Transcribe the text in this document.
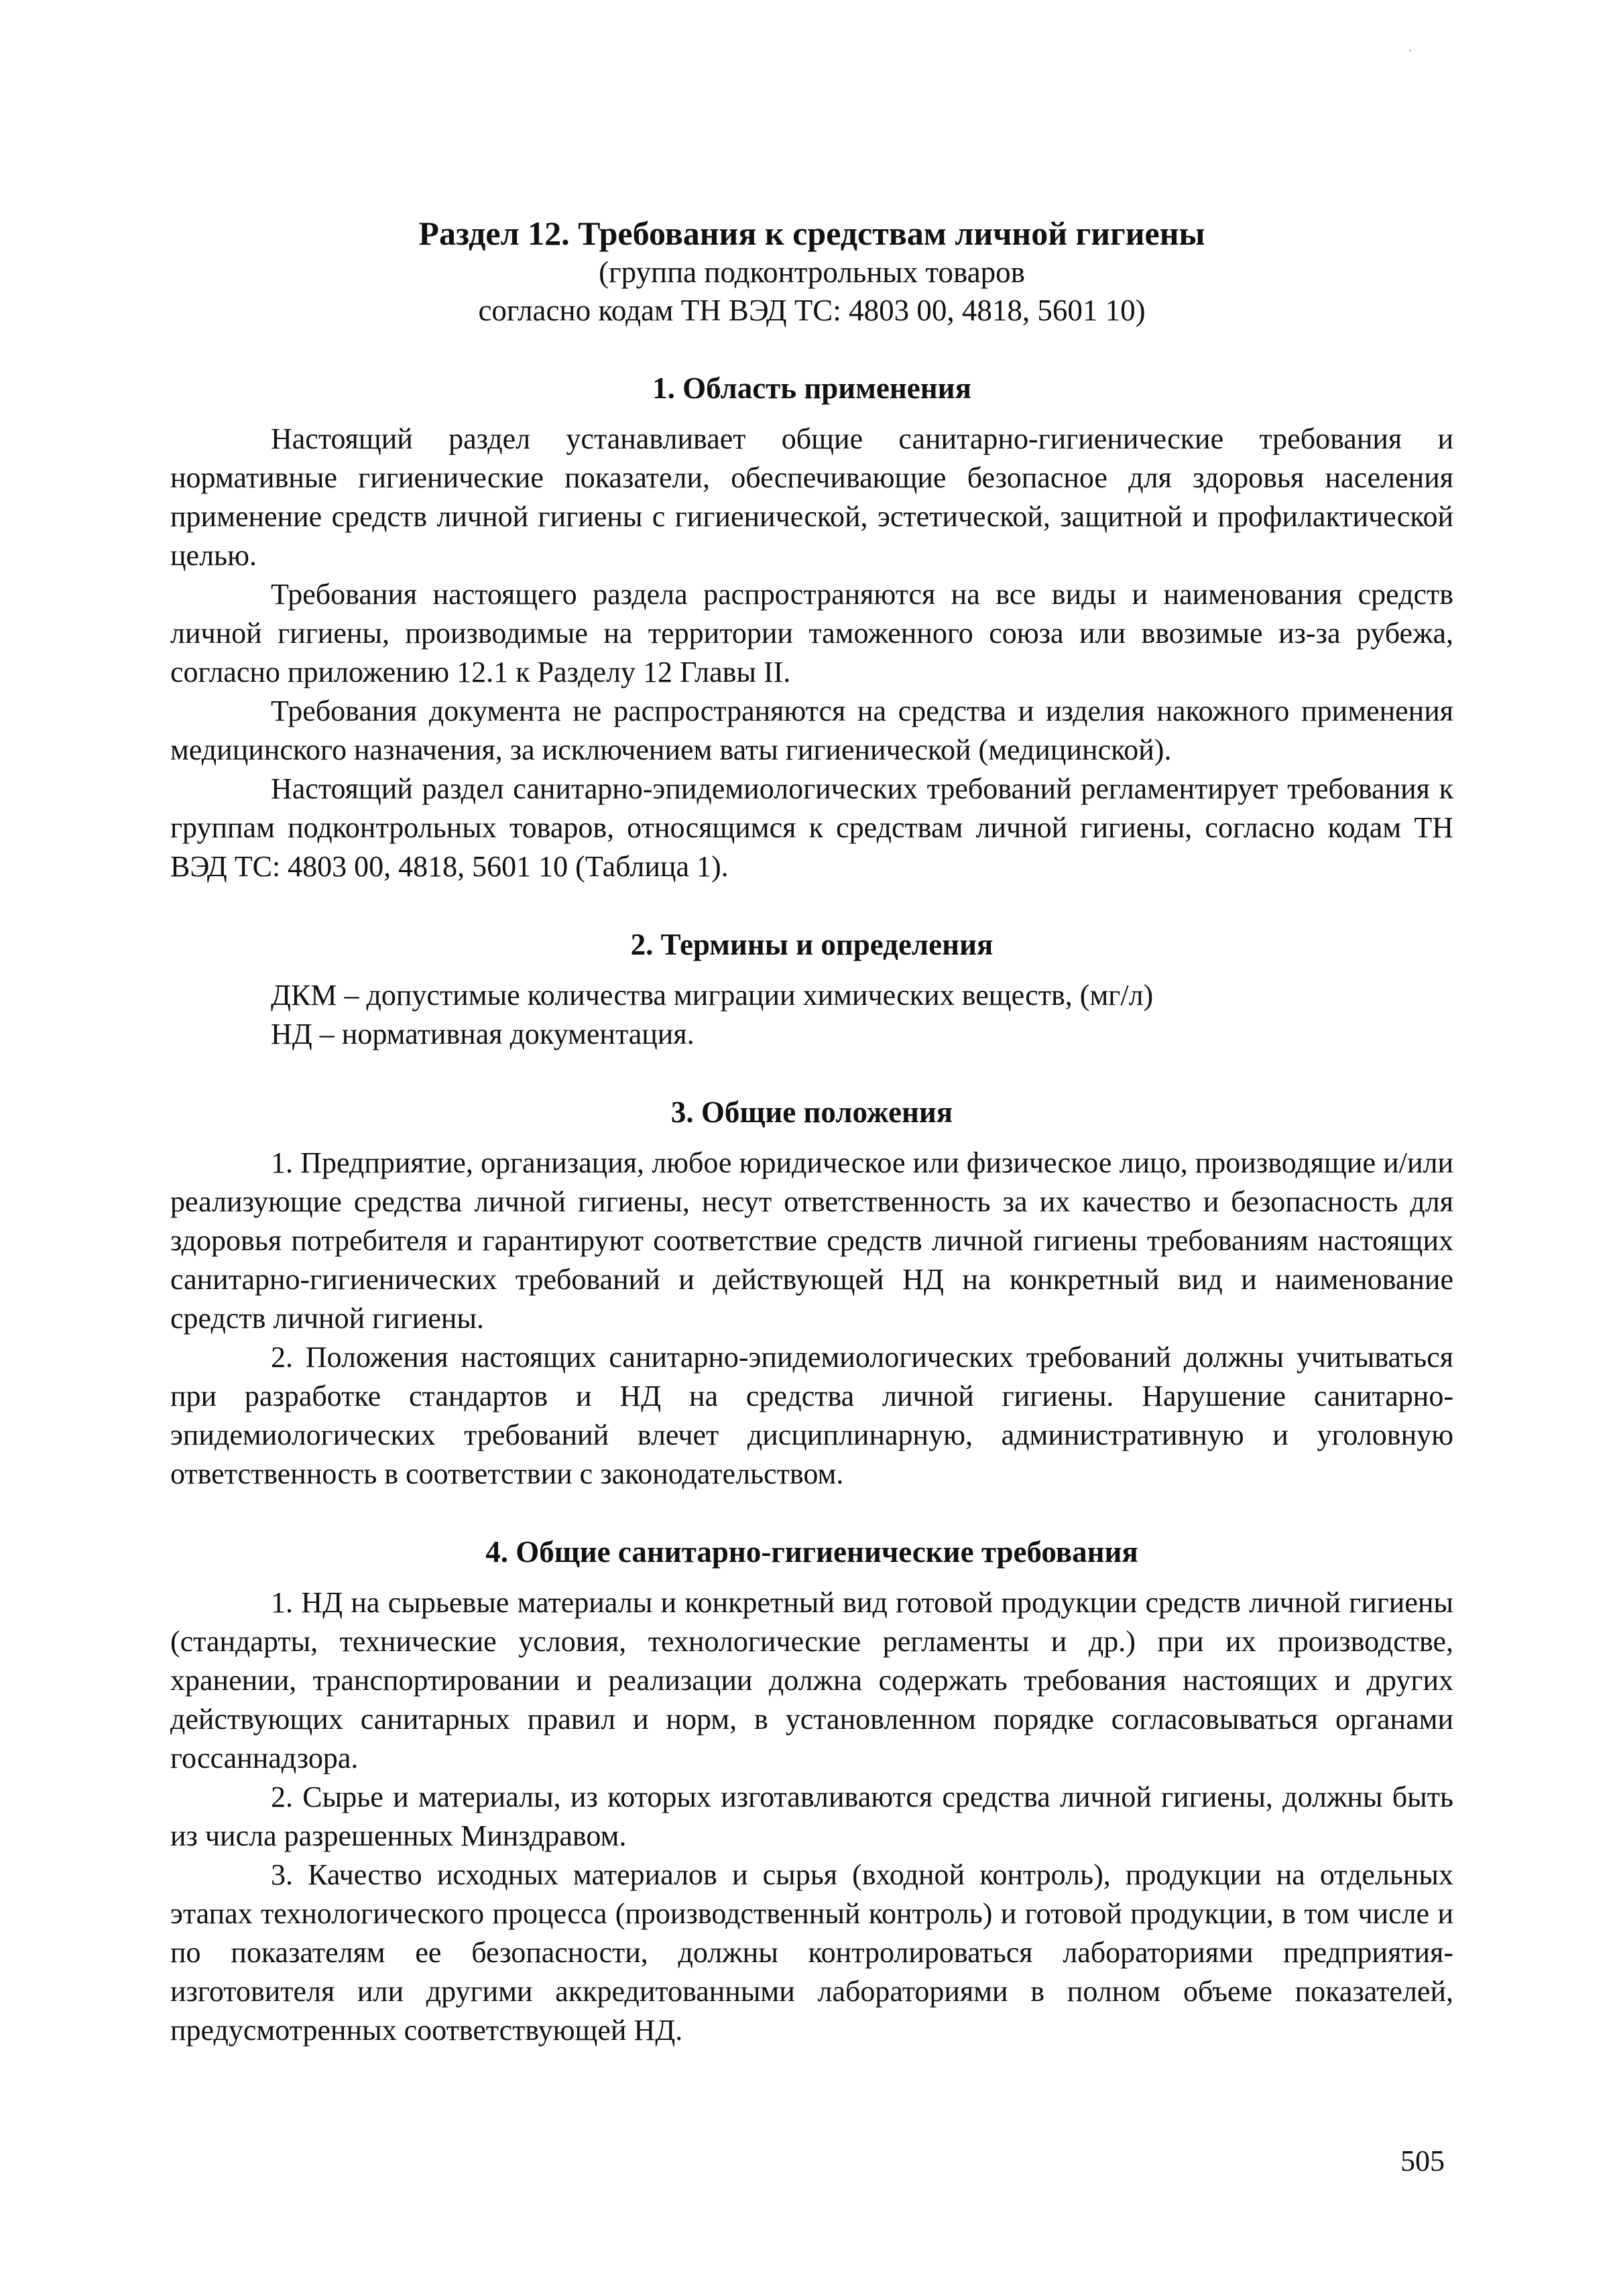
Раздел 12. Требования к средствам личной гигиены

(группа подконтрольных товаров

согласно кодам ТН ВЭД ТС: 4803 00, 4818, 5601 10)

1. Область применения

Настоящий раздел устанавливает общие санитарно-гигиенические требования и нормативные гигиенические показатели, обеспечивающие безопасное для здоровья населения применение средств личной гигиены с гигиенической, эстетической, защитной и профилактической целью.

Требования настоящего раздела распространяются на все виды и наименования средств личной гигиены, производимые на территории таможенного союза или ввозимые из-за рубежа, согласно приложению 12.1 к Разделу 12 Главы II.

Требования документа не распространяются на средства и изделия накожного применения медицинского назначения, за исключением ваты гигиенической (медицинской).

Настоящий раздел санитарно-эпидемиологических требований регламентирует требования к группам подконтрольных товаров, относящимся к средствам личной гигиены, согласно кодам ТН ВЭД ТС: 4803 00, 4818, 5601 10 (Таблица 1).

2. Термины и определения

ДКМ – допустимые количества миграции химических веществ, (мг/л)

НД – нормативная документация.

3. Общие положения

1. Предприятие, организация, любое юридическое или физическое лицо, производящие и/или реализующие средства личной гигиены, несут ответственность за их качество и безопасность для здоровья потребителя и гарантируют соответствие средств личной гигиены требованиям настоящих санитарно-гигиенических требований и действующей НД на конкретный вид и наименование средств личной гигиены.

2. Положения настоящих санитарно-эпидемиологических требований должны учитываться при разработке стандартов и НД на средства личной гигиены. Нарушение санитарно-эпидемиологических требований влечет дисциплинарную, административную и уголовную ответственность в соответствии с законодательством.

4. Общие санитарно-гигиенические требования

1. НД на сырьевые материалы и конкретный вид готовой продукции средств личной гигиены (стандарты, технические условия, технологические регламенты и др.) при их производстве, хранении, транспортировании и реализации должна содержать требования настоящих и других действующих санитарных правил и норм, в установленном порядке согласовываться органами госсаннадзора.

2. Сырье и материалы, из которых изготавливаются средства личной гигиены, должны быть из числа разрешенных Минздравом.

3. Качество исходных материалов и сырья (входной контроль), продукции на отдельных этапах технологического процесса (производственный контроль) и готовой продукции, в том числе и по показателям ее безопасности, должны контролироваться лабораториями предприятия-изготовителя или другими аккредитованными лабораториями в полном объеме показателей, предусмотренных соответствующей НД.

505
